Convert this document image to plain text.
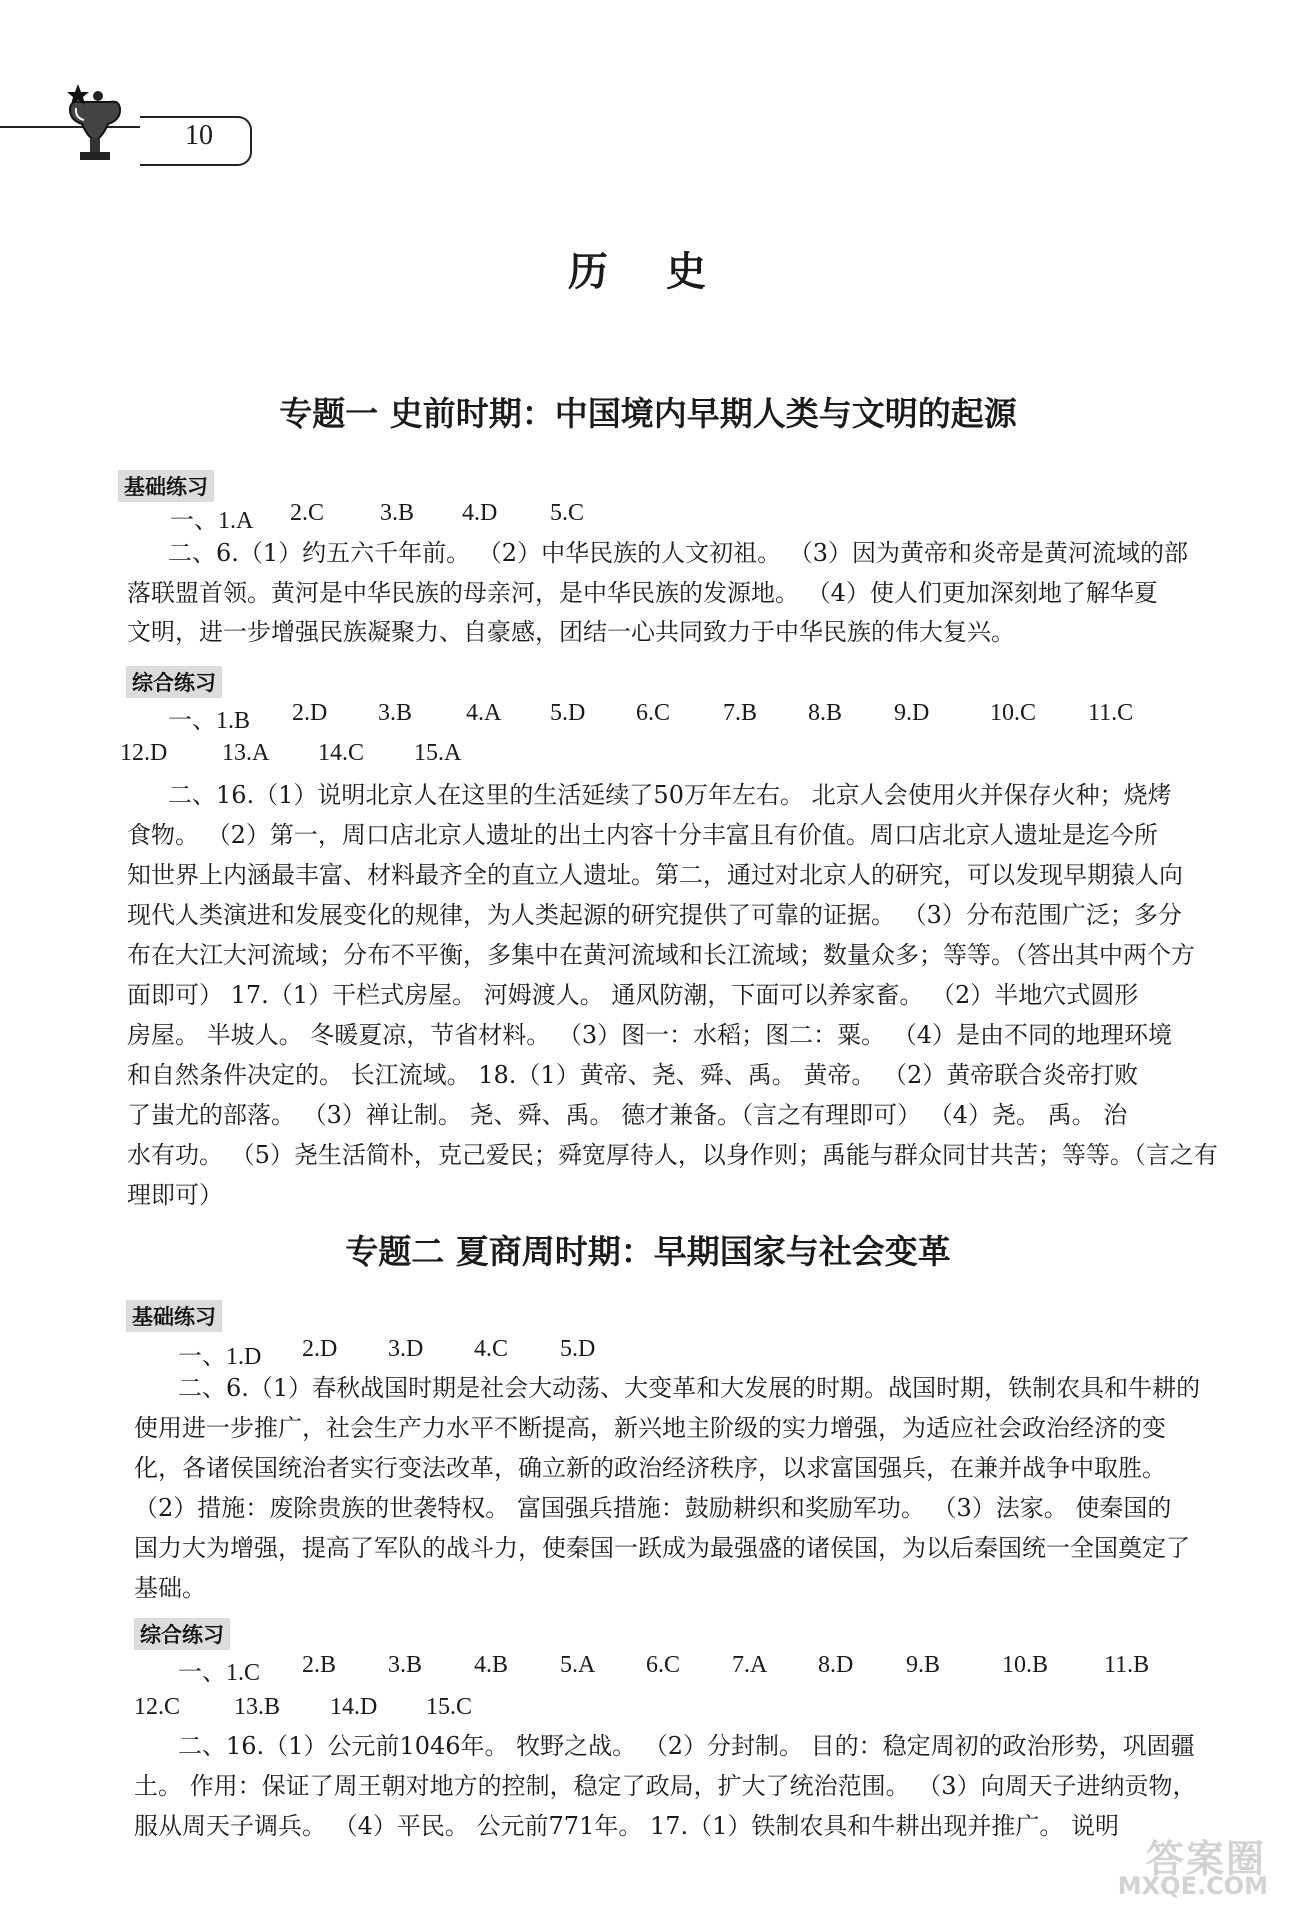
10
历 史
专题一 史前时期：中国境内早期人类与文明的起源
基础练习
一、1.A 2.C 3.B 4.D 5.C
二、6.（1）约五六千年前。 （2）中华民族的人文初祖。 （3）因为黄帝和炎帝是黄河流域的部
落联盟首领。黄河是中华民族的母亲河，是中华民族的发源地。 （4）使人们更加深刻地了解华夏
文明，进一步增强民族凝聚力、自豪感，团结一心共同致力于中华民族的伟大复兴。
综合练习
一、1.B 2.D 3.B 4.A 5.D 6.C 7.B 8.B 9.D	10.C 11.C
12.D 13.A 14.C 15.A
二、16.（1）说明北京人在这里的生活延续了50万年左右。 北京人会使用火并保存火种；烧烤
食物。 （2）第一，周口店北京人遗址的出土内容十分丰富且有价值。周口店北京人遗址是迄今所
知世界上内涵最丰富、材料最齐全的直立人遗址。第二，通过对北京人的研究，可以发现早期猿人向
现代人类演进和发展变化的规律，为人类起源的研究提供了可靠的证据。 （3）分布范围广泛；多分
布在大江大河流域；分布不平衡，多集中在黄河流域和长江流域；数量众多；等等。（答出其中两个方
面即可） 17.（1）干栏式房屋。 河姆渡人。 通风防潮，下面可以养家畜。 （2）半地穴式圆形
房屋。 半坡人。 冬暖夏凉，节省材料。 （3）图一：水稻；图二：粟。 （4）是由不同的地理环境
和自然条件决定的。 长江流域。 18.（1）黄帝、尧、舜、禹。 黄帝。 （2）黄帝联合炎帝打败
了蚩尤的部落。 （3）禅让制。 尧、舜、禹。 德才兼备。（言之有理即可） （4）尧。 禹。 治
水有功。 （5）尧生活简朴，克己爱民；舜宽厚待人，以身作则；禹能与群众同甘共苦；等等。（言之有
理即可）
专题二 夏商周时期：早期国家与社会变革
基础练习
一、1.D 2.D 3.D 4.C 5.D
二、6.（1）春秋战国时期是社会大动荡、大变革和大发展的时期。战国时期，铁制农具和牛耕的
使用进一步推广，社会生产力水平不断提高，新兴地主阶级的实力增强，为适应社会政治经济的变
化，各诸侯国统治者实行变法改革，确立新的政治经济秩序，以求富国强兵，在兼并战争中取胜。
（2）措施：废除贵族的世袭特权。 富国强兵措施：鼓励耕织和奖励军功。 （3）法家。 使秦国的
国力大为增强，提高了军队的战斗力，使秦国一跃成为最强盛的诸侯国，为以后秦国统一全国奠定了
基础。
综合练习
一、1.C 2.B 3.B 4.B 5.A 6.C 7.A 8.D 9.B	10.B 11.B
12.C 13.B 14.D 15.C
二、16.（1）公元前1046年。 牧野之战。 （2）分封制。 目的：稳定周初的政治形势，巩固疆
土。 作用：保证了周王朝对地方的控制，稳定了政局，扩大了统治范围。 （3）向周天子进纳贡物，
服从周天子调兵。 （4）平民。 公元前771年。 17.（1）铁制农具和牛耕出现并推广。 说明
答案圈
MXQE.COM
